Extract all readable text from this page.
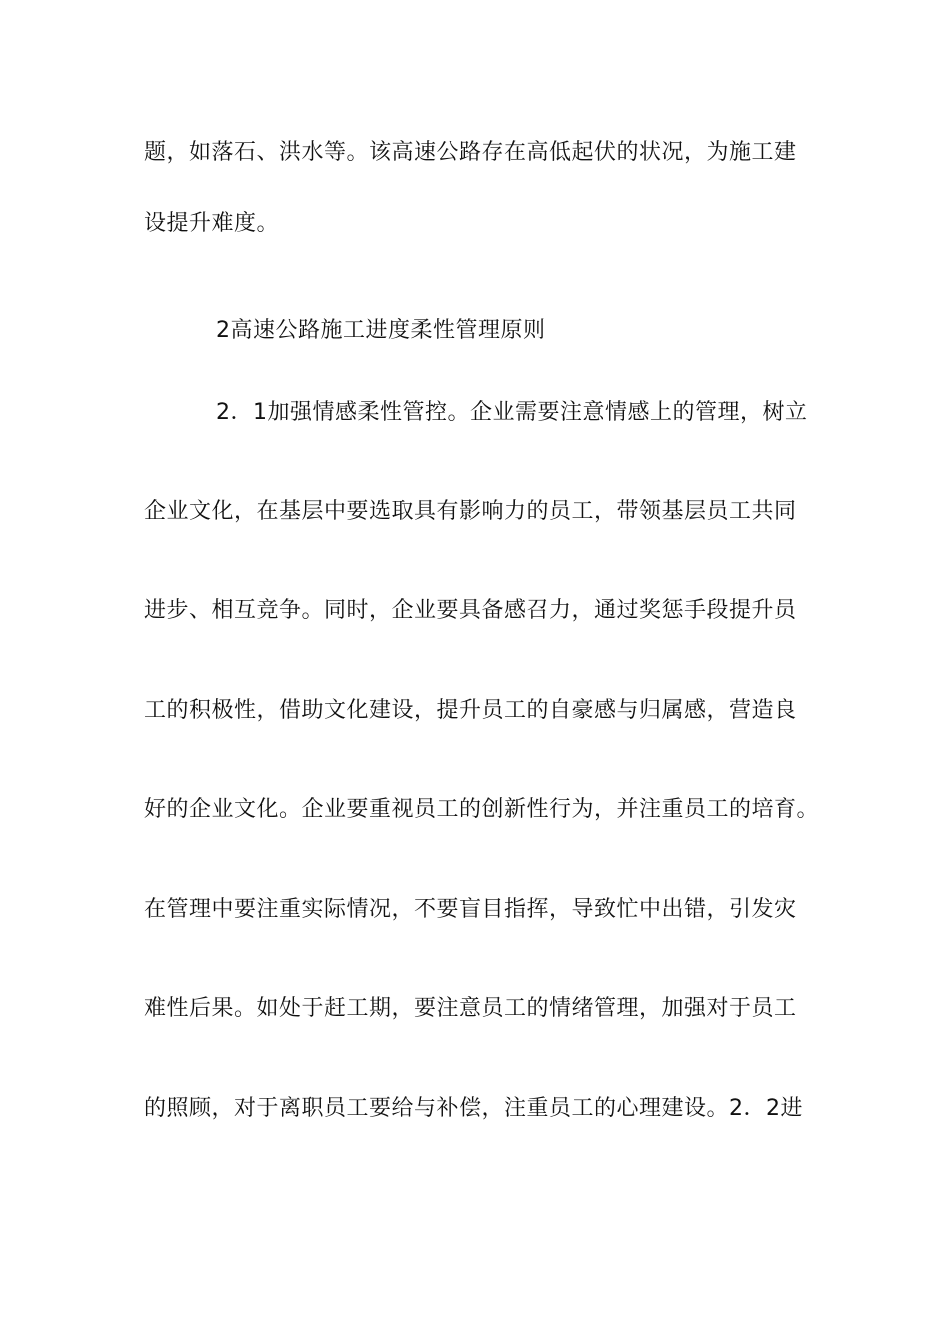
题，如落石、洪水等。该高速公路存在高低起伏的状况，为施工建
设提升难度。
2高速公路施工进度柔性管理原则
2．1加强情感柔性管控。企业需要注意情感上的管理，树立
企业文化，在基层中要选取具有影响力的员工，带领基层员工共同
进步、相互竞争。同时，企业要具备感召力，通过奖惩手段提升员
工的积极性，借助文化建设，提升员工的自豪感与归属感，营造良
好的企业文化。企业要重视员工的创新性行为，并注重员工的培育。
在管理中要注重实际情况，不要盲目指挥，导致忙中出错，引发灾
难性后果。如处于赶工期，要注意员工的情绪管理，加强对于员工
的照顾，对于离职员工要给与补偿，注重员工的心理建设。2．2进
